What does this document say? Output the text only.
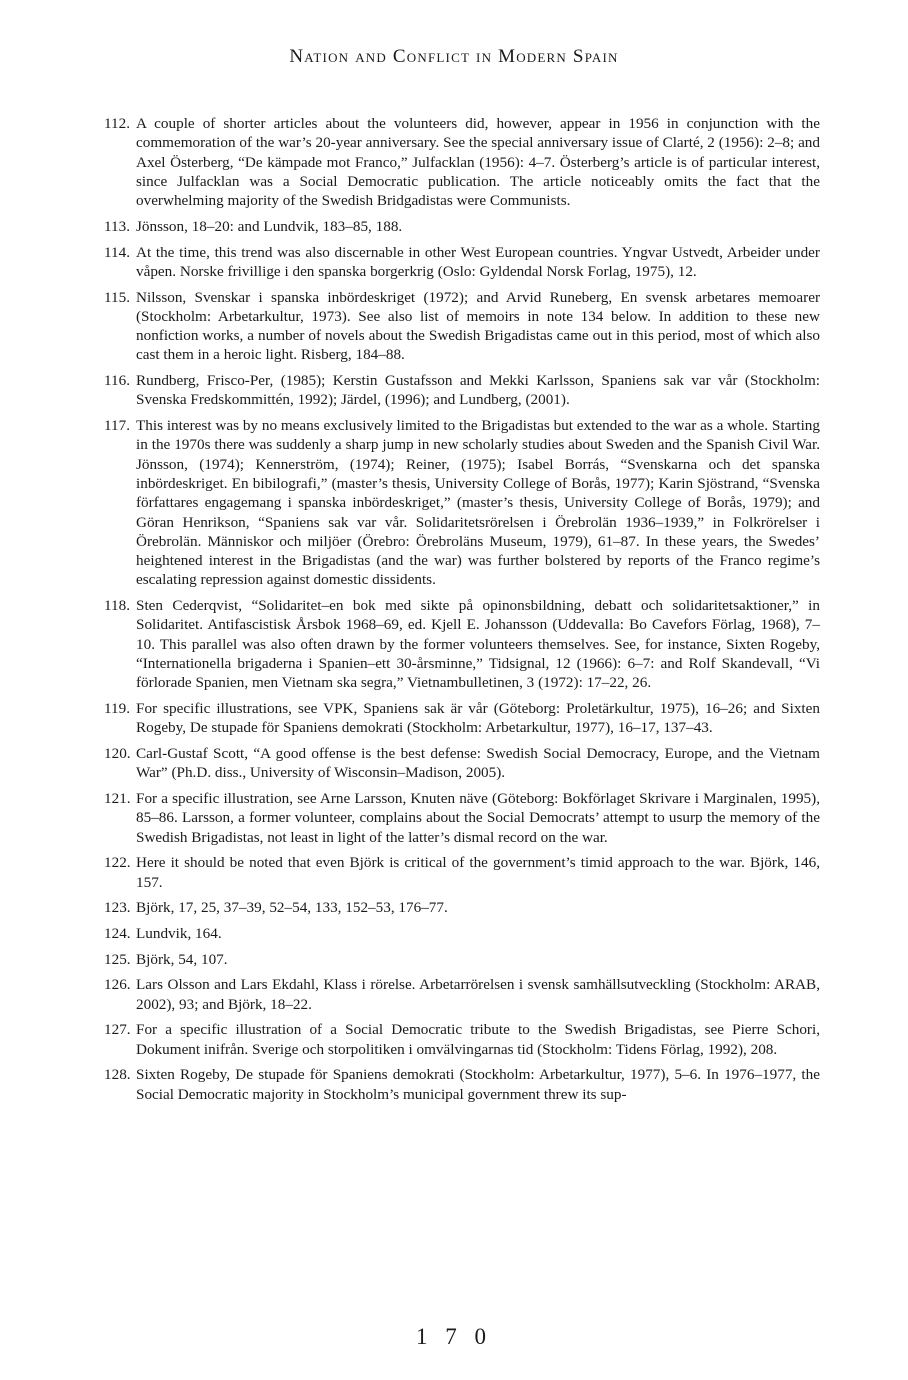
Nation and Conflict in Modern Spain
112. A couple of shorter articles about the volunteers did, however, appear in 1956 in conjunction with the commemoration of the war’s 20-year anniversary. See the special anniversary issue of Clarté, 2 (1956): 2–8; and Axel Österberg, “De kämpade mot Franco,” Julfacklan (1956): 4–7. Österberg’s article is of particular interest, since Julfacklan was a Social Democratic publication. The article noticeably omits the fact that the overwhelming majority of the Swedish Bridgadistas were Communists.
113. Jönsson, 18–20: and Lundvik, 183–85, 188.
114. At the time, this trend was also discernable in other West European countries. Yngvar Ustvedt, Arbeider under våpen. Norske frivillige i den spanska borgerkrig (Oslo: Gyldendal Norsk Forlag, 1975), 12.
115. Nilsson, Svenskar i spanska inbördeskriget (1972); and Arvid Runeberg, En svensk arbetares memoarer (Stockholm: Arbetarkultur, 1973). See also list of memoirs in note 134 below. In addition to these new nonfiction works, a number of novels about the Swedish Brigadistas came out in this period, most of which also cast them in a heroic light. Risberg, 184–88.
116. Rundberg, Frisco-Per, (1985); Kerstin Gustafsson and Mekki Karlsson, Spaniens sak var vår (Stockholm: Svenska Fredskommittén, 1992); Järdel, (1996); and Lundberg, (2001).
117. This interest was by no means exclusively limited to the Brigadistas but extended to the war as a whole. Starting in the 1970s there was suddenly a sharp jump in new scholarly studies about Sweden and the Spanish Civil War. Jönsson, (1974); Kennerström, (1974); Reiner, (1975); Isabel Borrás, “Svenskarna och det spanska inbördeskriget. En bibilografi,” (master’s thesis, University College of Borås, 1977); Karin Sjöstrand, “Svenska författares engagemang i spanska inbördeskriget,” (master’s thesis, University College of Borås, 1979); and Göran Henrikson, “Spaniens sak var vår. Solidaritetsrörelsen i Örebrolän 1936–1939,” in Folkrörelser i Örebrolän. Människor och miljöer (Örebro: Örebroläns Museum, 1979), 61–87. In these years, the Swedes’ heightened interest in the Brigadistas (and the war) was further bolstered by reports of the Franco regime’s escalating repression against domestic dissidents.
118. Sten Cederqvist, “Solidaritet–en bok med sikte på opinonsbildning, debatt och solidaritetsaktioner,” in Solidaritet. Antifascistisk Årsbok 1968–69, ed. Kjell E. Johansson (Uddevalla: Bo Cavefors Förlag, 1968), 7–10. This parallel was also often drawn by the former volunteers themselves. See, for instance, Sixten Rogeby, “Internationella brigaderna i Spanien–ett 30-årsminne,” Tidsignal, 12 (1966): 6–7: and Rolf Skandevall, “Vi förlorade Spanien, men Vietnam ska segra,” Vietnambulletinen, 3 (1972): 17–22, 26.
119. For specific illustrations, see VPK, Spaniens sak är vår (Göteborg: Proletärkultur, 1975), 16–26; and Sixten Rogeby, De stupade för Spaniens demokrati (Stockholm: Arbetarkultur, 1977), 16–17, 137–43.
120. Carl-Gustaf Scott, “A good offense is the best defense: Swedish Social Democracy, Europe, and the Vietnam War” (Ph.D. diss., University of Wisconsin–Madison, 2005).
121. For a specific illustration, see Arne Larsson, Knuten näve (Göteborg: Bokförlaget Skrivare i Marginalen, 1995), 85–86. Larsson, a former volunteer, complains about the Social Democrats’ attempt to usurp the memory of the Swedish Brigadistas, not least in light of the latter’s dismal record on the war.
122. Here it should be noted that even Björk is critical of the government’s timid approach to the war. Björk, 146, 157.
123. Björk, 17, 25, 37–39, 52–54, 133, 152–53, 176–77.
124. Lundvik, 164.
125. Björk, 54, 107.
126. Lars Olsson and Lars Ekdahl, Klass i rörelse. Arbetarrörelsen i svensk samhällsutveckling (Stockholm: ARAB, 2002), 93; and Björk, 18–22.
127. For a specific illustration of a Social Democratic tribute to the Swedish Brigadistas, see Pierre Schori, Dokument inifrån. Sverige och storpolitiken i omvälvingarnas tid (Stockholm: Tidens Förlag, 1992), 208.
128. Sixten Rogeby, De stupade för Spaniens demokrati (Stockholm: Arbetarkultur, 1977), 5–6. In 1976–1977, the Social Democratic majority in Stockholm’s municipal government threw its sup-
1 7 0
